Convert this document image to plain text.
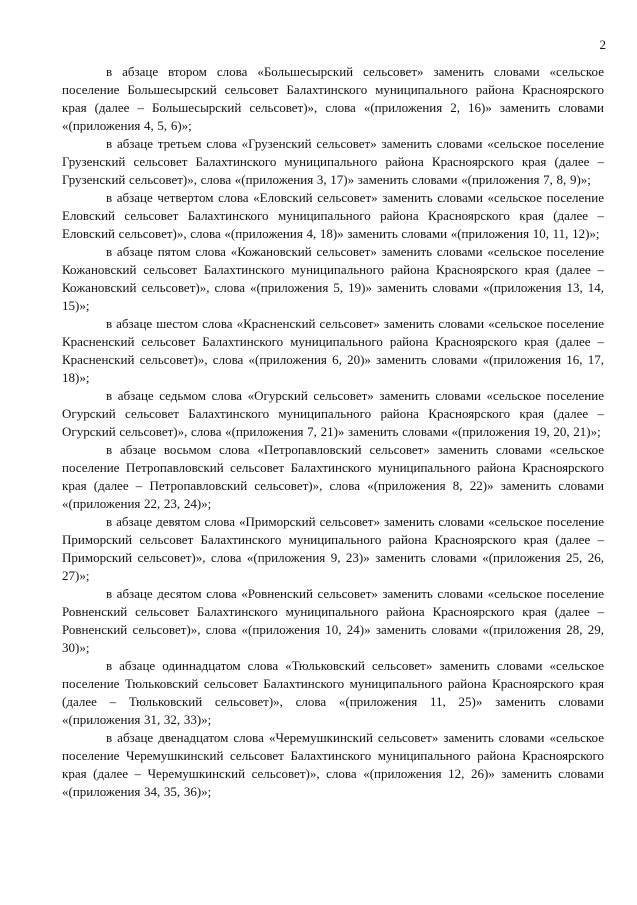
2

в абзаце втором слова «Большесырский сельсовет» заменить словами «сельское поселение Большесырский сельсовет Балахтинского муниципального района Красноярского края (далее – Большесырский сельсовет)», слова «(приложения 2, 16)» заменить словами «(приложения 4, 5, 6)»;

в абзаце третьем слова «Грузенский сельсовет» заменить словами «сельское поселение Грузенский сельсовет Балахтинского муниципального района Красноярского края (далее – Грузенский сельсовет)», слова «(приложения 3, 17)» заменить словами «(приложения 7, 8, 9)»;

в абзаце четвертом слова «Еловский сельсовет» заменить словами «сельское поселение Еловский сельсовет Балахтинского муниципального района Красноярского края (далее – Еловский сельсовет)», слова «(приложения 4, 18)» заменить словами «(приложения 10, 11, 12)»;

в абзаце пятом слова «Кожановский сельсовет» заменить словами «сельское поселение Кожановский сельсовет Балахтинского муниципального района Красноярского края (далее – Кожановский сельсовет)», слова «(приложения 5, 19)» заменить словами «(приложения 13, 14, 15)»;

в абзаце шестом слова «Красненский сельсовет» заменить словами «сельское поселение Красненский сельсовет Балахтинского муниципального района Красноярского края (далее – Красненский сельсовет)», слова «(приложения 6, 20)» заменить словами «(приложения 16, 17, 18)»;

в абзаце седьмом слова «Огурский сельсовет» заменить словами «сельское поселение Огурский сельсовет Балахтинского муниципального района Красноярского края (далее – Огурский сельсовет)», слова «(приложения 7, 21)» заменить словами «(приложения 19, 20, 21)»;

в абзаце восьмом слова «Петропавловский сельсовет» заменить словами «сельское поселение Петропавловский сельсовет Балахтинского муниципального района Красноярского края (далее – Петропавловский сельсовет)», слова «(приложения 8, 22)» заменить словами «(приложения 22, 23, 24)»;

в абзаце девятом слова «Приморский сельсовет» заменить словами «сельское поселение Приморский сельсовет Балахтинского муниципального района Красноярского края (далее – Приморский сельсовет)», слова «(приложения 9, 23)» заменить словами «(приложения 25, 26, 27)»;

в абзаце десятом слова «Ровненский сельсовет» заменить словами «сельское поселение Ровненский сельсовет Балахтинского муниципального района Красноярского края (далее – Ровненский сельсовет)», слова «(приложения 10, 24)» заменить словами «(приложения 28, 29, 30)»;

в абзаце одиннадцатом слова «Тюльковский сельсовет» заменить словами «сельское поселение Тюльковский сельсовет Балахтинского муниципального района Красноярского края (далее – Тюльковский сельсовет)», слова «(приложения 11, 25)» заменить словами «(приложения 31, 32, 33)»;

в абзаце двенадцатом слова «Черемушкинский сельсовет» заменить словами «сельское поселение Черемушкинский сельсовет Балахтинского муниципального района Красноярского края (далее – Черемушкинский сельсовет)», слова «(приложения 12, 26)» заменить словами «(приложения 34, 35, 36)»;
